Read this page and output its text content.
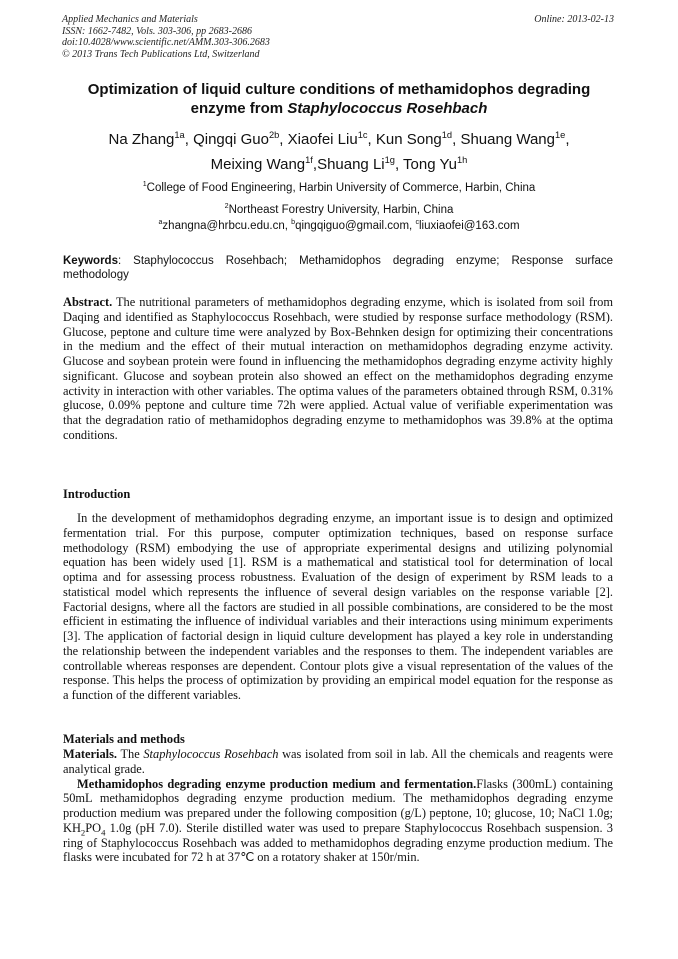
Applied Mechanics and Materials
ISSN: 1662-7482, Vols. 303-306, pp 2683-2686
doi:10.4028/www.scientific.net/AMM.303-306.2683
© 2013 Trans Tech Publications Ltd, Switzerland
Online: 2013-02-13
Optimization of liquid culture conditions of methamidophos degrading
enzyme from Staphylococcus Rosehbach
Na Zhang$^{1a}$, Qingqi Guo$^{2b}$, Xiaofei Liu$^{1c}$, Kun Song$^{1d}$, Shuang Wang$^{1e}$,
Meixing Wang$^{1f}$,Shuang $Li^{1g}$, Tong $Yu^{1h}$
$^1$College of Food Engineering, Harbin University of Commerce, Harbin, China
$^2$Northeast Forestry University, Harbin, China
$^a$zhangna@hrbcu.edu.cn, $^b$qingqiguo@gmail.com, $^c$liuxiaofei@163.com
Keywords: Staphylococcus Rosehbach; Methamidophos degrading enzyme; Response surface methodology

Abstract. The nutritional parameters of methamidophos degrading enzyme, which is isolated from soil from Daqing and identified as Staphylococcus Rosehbach, were studied by response surface methodology (RSM). Glucose, peptone and culture time were analyzed by Box-Behnken design for optimizing their concentrations in the medium and the effect of their mutual interaction on methamidophos degrading enzyme activity. Glucose and soybean protein were found in influencing the methamidophos degrading enzyme activity highly significant. Glucose and soybean protein also showed an effect on the methamidophos degrading enzyme activity in interaction with other variables. The optima values of the parameters obtained through RSM, 0.31% glucose, 0.09% peptone and culture time 72h were applied. Actual value of verifiable experimentation was that the degradation ratio of methamidophos degrading enzyme to methamidophos was 39.8% at the optima conditions.

Introduction

In the development of methamidophos degrading enzyme, an important issue is to design and optimized fermentation trial. For this purpose, computer optimization techniques, based on response surface methodology (RSM) embodying the use of appropriate experimental designs and utilizing polynomial equation has been widely used [1]. RSM is a mathematical and statistical tool for determination of local optima and for assessing process robustness. Evaluation of the design of experiment by RSM leads to a statistical model which represents the influence of several design variables on the response variable [2]. Factorial designs, where all the factors are studied in all possible combinations, are considered to be the most efficient in estimating the influence of individual variables and their interactions using minimum experiments [3]. The application of factorial design in liquid culture development has played a key role in understanding the relationship between the independent variables and the responses to them. The independent variables are controllable whereas responses are dependent. Contour plots give a visual representation of the values of the response. This helps the process of optimization by providing an empirical model equation for the response as a function of the different variables.

Materials and methods

Materials. The Staphylococcus Rosehbach was isolated from soil in lab. All the chemicals and reagents were analytical grade.

Methamidophos degrading enzyme production medium and fermentation.Flasks (300mL) containing 50mL methamidophos degrading enzyme production medium. The methamidophos degrading enzyme production medium was prepared under the following composition (g/L) peptone, 10; glucose, 10; NaCl 1.0g; $KH_2PO_4$ 1.0g (pH 7.0). Sterile distilled water was used to prepare Staphylococcus Rosehbach suspension. 3 ring of Staphylococcus Rosehbach was added to methamidophos degrading enzyme production medium. The flasks were incubated for 72 h at 37℃ on a rotatory shaker at 150r/min.
